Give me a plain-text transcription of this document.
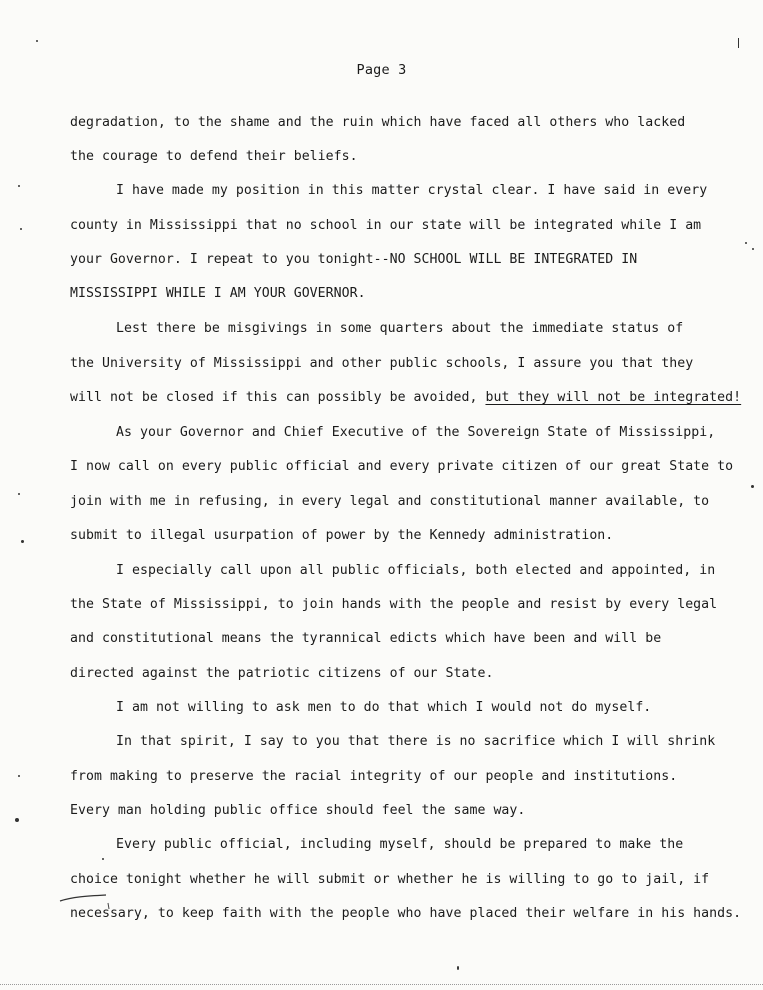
Page 3
degradation, to the shame and the ruin which have faced all others who lacked
the courage to defend their beliefs.
I have made my position in this matter crystal clear. I have said in every
county in Mississippi that no school in our state will be integrated while I am
your Governor. I repeat to you tonight--NO SCHOOL WILL BE INTEGRATED IN
MISSISSIPPI WHILE I AM YOUR GOVERNOR.
Lest there be misgivings in some quarters about the immediate status of
the University of Mississippi and other public schools, I assure you that they
will not be closed if this can possibly be avoided, but they will not be integrated!
As your Governor and Chief Executive of the Sovereign State of Mississippi,
I now call on every public official and every private citizen of our great State to
join with me in refusing, in every legal and constitutional manner available, to
submit to illegal usurpation of power by the Kennedy administration.
I especially call upon all public officials, both elected and appointed, in
the State of Mississippi, to join hands with the people and resist by every legal
and constitutional means the tyrannical edicts which have been and will be
directed against the patriotic citizens of our State.
I am not willing to ask men to do that which I would not do myself.
In that spirit, I say to you that there is no sacrifice which I will shrink
from making to preserve the racial integrity of our people and institutions.
Every man holding public office should feel the same way.
Every public official, including myself, should be prepared to make the
choice tonight whether he will submit or whether he is willing to go to jail, if
necessary, to keep faith with the people who have placed their welfare in his hands.
